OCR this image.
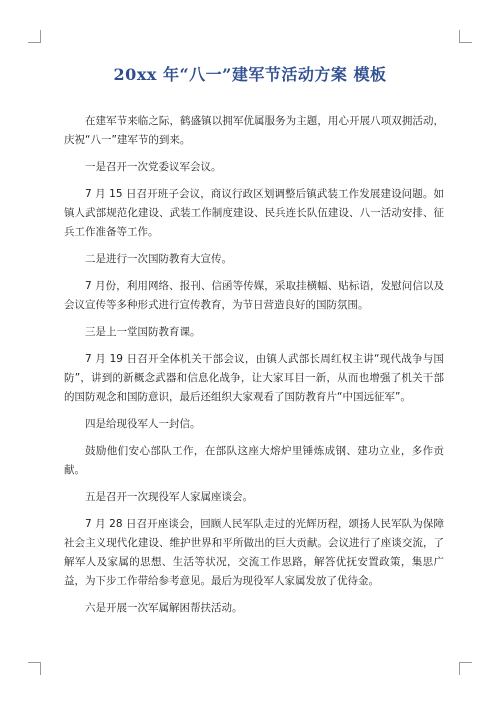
20xx 年“八一”建军节活动方案 模板

在建军节来临之际，鹤盛镇以拥军优属服务为主题，用心开展八项双拥活动，庆祝“八一”建军节的到来。

一是召开一次党委议军会议。

7 月 15 日召开班子会议，商议行政区划调整后镇武装工作发展建设问题。如镇人武部规范化建设、武装工作制度建设、民兵连长队伍建设、八一活动安排、征兵工作准备等工作。

二是进行一次国防教育大宣传。

7 月份，利用网络、报刊、信函等传媒，采取挂横幅、贴标语，发慰问信以及会议宣传等多种形式进行宣传教育，为节日营造良好的国防氛围。

三是上一堂国防教育课。

7 月 19 日召开全体机关干部会议，由镇人武部长周红权主讲“现代战争与国防”，讲到的新概念武器和信息化战争，让大家耳目一新，从而也增强了机关干部的国防观念和国防意识，最后还组织大家观看了国防教育片“中国远征军”。

四是给现役军人一封信。

鼓励他们安心部队工作，在部队这座大熔炉里锤炼成钢、建功立业，多作贡献。

五是召开一次现役军人家属座谈会。

7 月 28 日召开座谈会，回顾人民军队走过的光辉历程，颂扬人民军队为保障社会主义现代化建设、维护世界和平所做出的巨大贡献。会议进行了座谈交流，了解军人及家属的思想、生活等状况，交流工作思路，解答优抚安置政策，集思广益，为下步工作带给参考意见。最后为现役军人家属发放了优待金。

六是开展一次军属解困帮扶活动。
